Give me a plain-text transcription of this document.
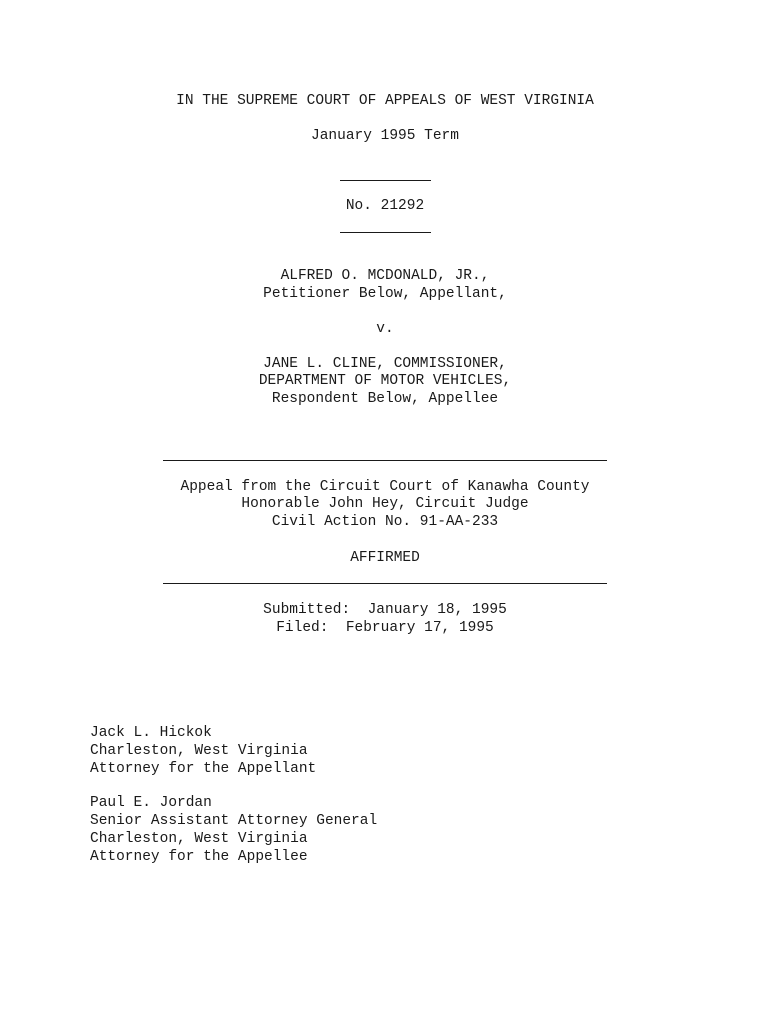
IN THE SUPREME COURT OF APPEALS OF WEST VIRGINIA
January 1995 Term
No. 21292
ALFRED O. MCDONALD, JR.,
Petitioner Below, Appellant,
v.
JANE L. CLINE, COMMISSIONER,
DEPARTMENT OF MOTOR VEHICLES,
Respondent Below, Appellee
Appeal from the Circuit Court of Kanawha County
Honorable John Hey, Circuit Judge
Civil Action No. 91-AA-233
AFFIRMED
Submitted:  January 18, 1995
Filed:  February 17, 1995
Jack L. Hickok
Charleston, West Virginia
Attorney for the Appellant
Paul E. Jordan
Senior Assistant Attorney General
Charleston, West Virginia
Attorney for the Appellee
